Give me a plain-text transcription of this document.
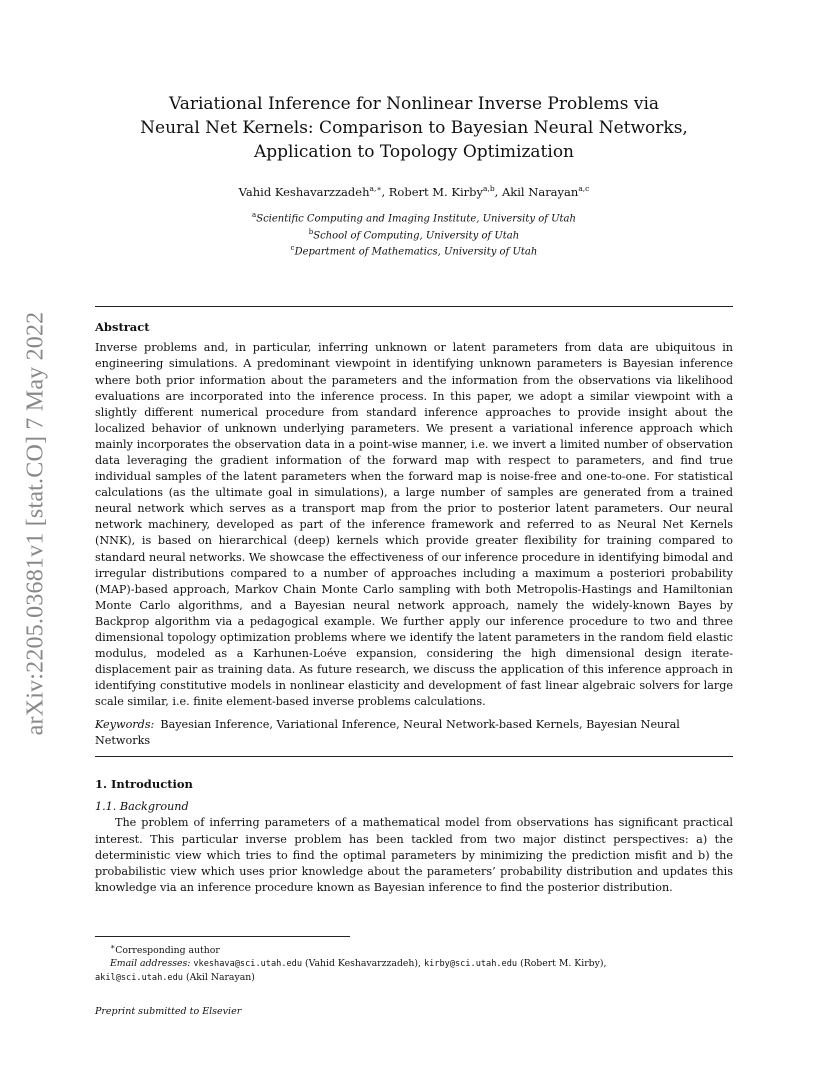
arXiv:2205.03681v1 [stat.CO] 7 May 2022

Variational Inference for Nonlinear Inverse Problems via

Neural Net Kernels: Comparison to Bayesian Neural Networks,

Application to Topology Optimization

Vahid Keshavarzzadeh$^{a,∗}$, Robert M. Kirby$^{a,b}$, Akil Narayan$^{a,c}$
$^a$Scientific Computing and Imaging Institute, University of Utah
$^b$School of Computing, University of Utah
$^c$Department of Mathematics, University of Utah
Abstract
Inverse problems and, in particular, inferring unknown or latent parameters from data are ubiquitous in engineering simulations. A predominant viewpoint in identifying unknown parameters is Bayesian inference where both prior information about the parameters and the information from the observations via likelihood evaluations are incorporated into the inference process. In this paper, we adopt a similar viewpoint with a slightly different numerical procedure from standard inference approaches to provide insight about the localized behavior of unknown underlying parameters. We present a variational inference approach which mainly incorporates the observation data in a point-wise manner, i.e. we invert a limited number of observation data leveraging the gradient information of the forward map with respect to parameters, and find true individual samples of the latent parameters when the forward map is noise-free and one-to-one. For statistical calculations (as the ultimate goal in simulations), a large number of samples are generated from a trained neural network which serves as a transport map from the prior to posterior latent parameters. Our neural network machinery, developed as part of the inference framework and referred to as Neural Net Kernels (NNK), is based on hierarchical (deep) kernels which provide greater flexibility for training compared to standard neural networks. We showcase the effectiveness of our inference procedure in identifying bimodal and irregular distributions compared to a number of approaches including a maximum a posteriori probability (MAP)-based approach, Markov Chain Monte Carlo sampling with both Metropolis-Hastings and Hamiltonian Monte Carlo algorithms, and a Bayesian neural network approach, namely the widely-known Bayes by Backprop algorithm via a pedagogical example. We further apply our inference procedure to two and three dimensional topology optimization problems where we identify the latent parameters in the random field elastic modulus, modeled as a Karhunen-Loéve expansion, considering the high dimensional design iterate-displacement pair as training data. As future research, we discuss the application of this inference approach in identifying constitutive models in nonlinear elasticity and development of fast linear algebraic solvers for large scale similar, i.e. finite element-based inverse problems calculations.
Keywords: Bayesian Inference, Variational Inference, Neural Network-based Kernels, Bayesian Neural Networks
1. Introduction
1.1. Background
The problem of inferring parameters of a mathematical model from observations has significant practical interest. This particular inverse problem has been tackled from two major distinct perspectives: a) the deterministic view which tries to find the optimal parameters by minimizing the prediction misfit and b) the probabilistic view which uses prior knowledge about the parameters’ probability distribution and updates this knowledge via an inference procedure known as Bayesian inference to find the posterior distribution.
∗Corresponding author
Email addresses: vkeshava@sci.utah.edu (Vahid Keshavarzzadeh), kirby@sci.utah.edu (Robert M. Kirby),
akil@sci.utah.edu (Akil Narayan)
Preprint submitted to Elsevier
